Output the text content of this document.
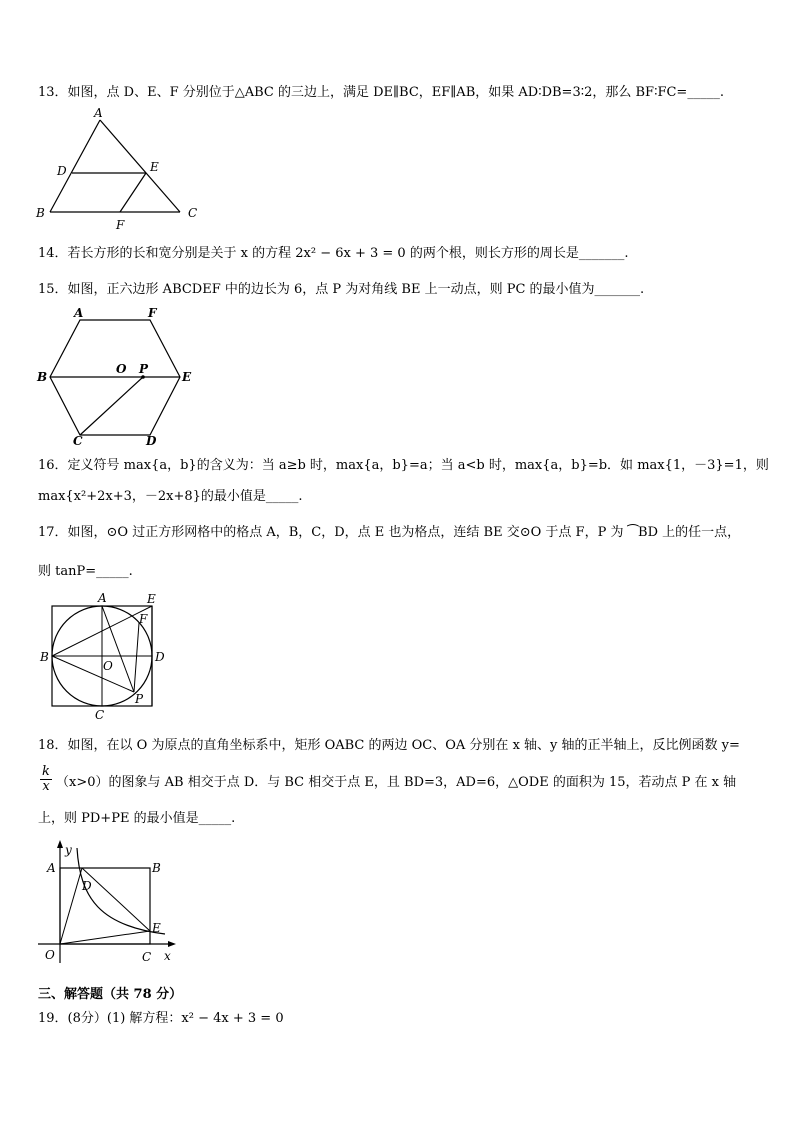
13．如图，点 D、E、F 分别位于△ABC 的三边上，满足 DE∥BC，EF∥AB，如果 AD∶DB=3∶2，那么 BF∶FC=_____.
A
B	C
D	E
F
14．若长方形的长和宽分别是关于 x 的方程 2x² − 6x + 3 = 0 的两个根，则长方形的周长是_______.
15．如图，正六边形 ABCDEF 中的边长为 6，点 P 为对角线 BE 上一动点，则 PC 的最小值为_______.
A	F
B	E
O P
C	D
16．定义符号 max{a，b}的含义为：当 a≥b 时，max{a，b}=a；当 a<b 时，max{a，b}=b．如 max{1，－3}=1，则
max{x²+2x+3，－2x+8}的最小值是_____.
17．如图，⊙O 过正方形网格中的格点 A，B，C，D，点 E 也为格点，连结 BE 交⊙O 于点 F，P 为 ⁀BD 上的任一点，
则 tanP=_____.
A	E
F
B	D
O
P
C
18．如图，在以 O 为原点的直角坐标系中，矩形 OABC 的两边 OC、OA 分别在 x 轴、y 轴的正半轴上，反比例函数 y=
$\frac{k}{x} (x>0)$的图象与 AB 相交于点 D．与 BC 相交于点 E，且 BD=3，AD=6，△ODE 的面积为 15，若动点 P 在 x 轴
上，则 PD+PE 的最小值是_____.
y
x
A	B
D
E
O	C
三、解答题（共 78 分）
19．(8分）(1) 解方程：x² − 4x + 3 = 0
